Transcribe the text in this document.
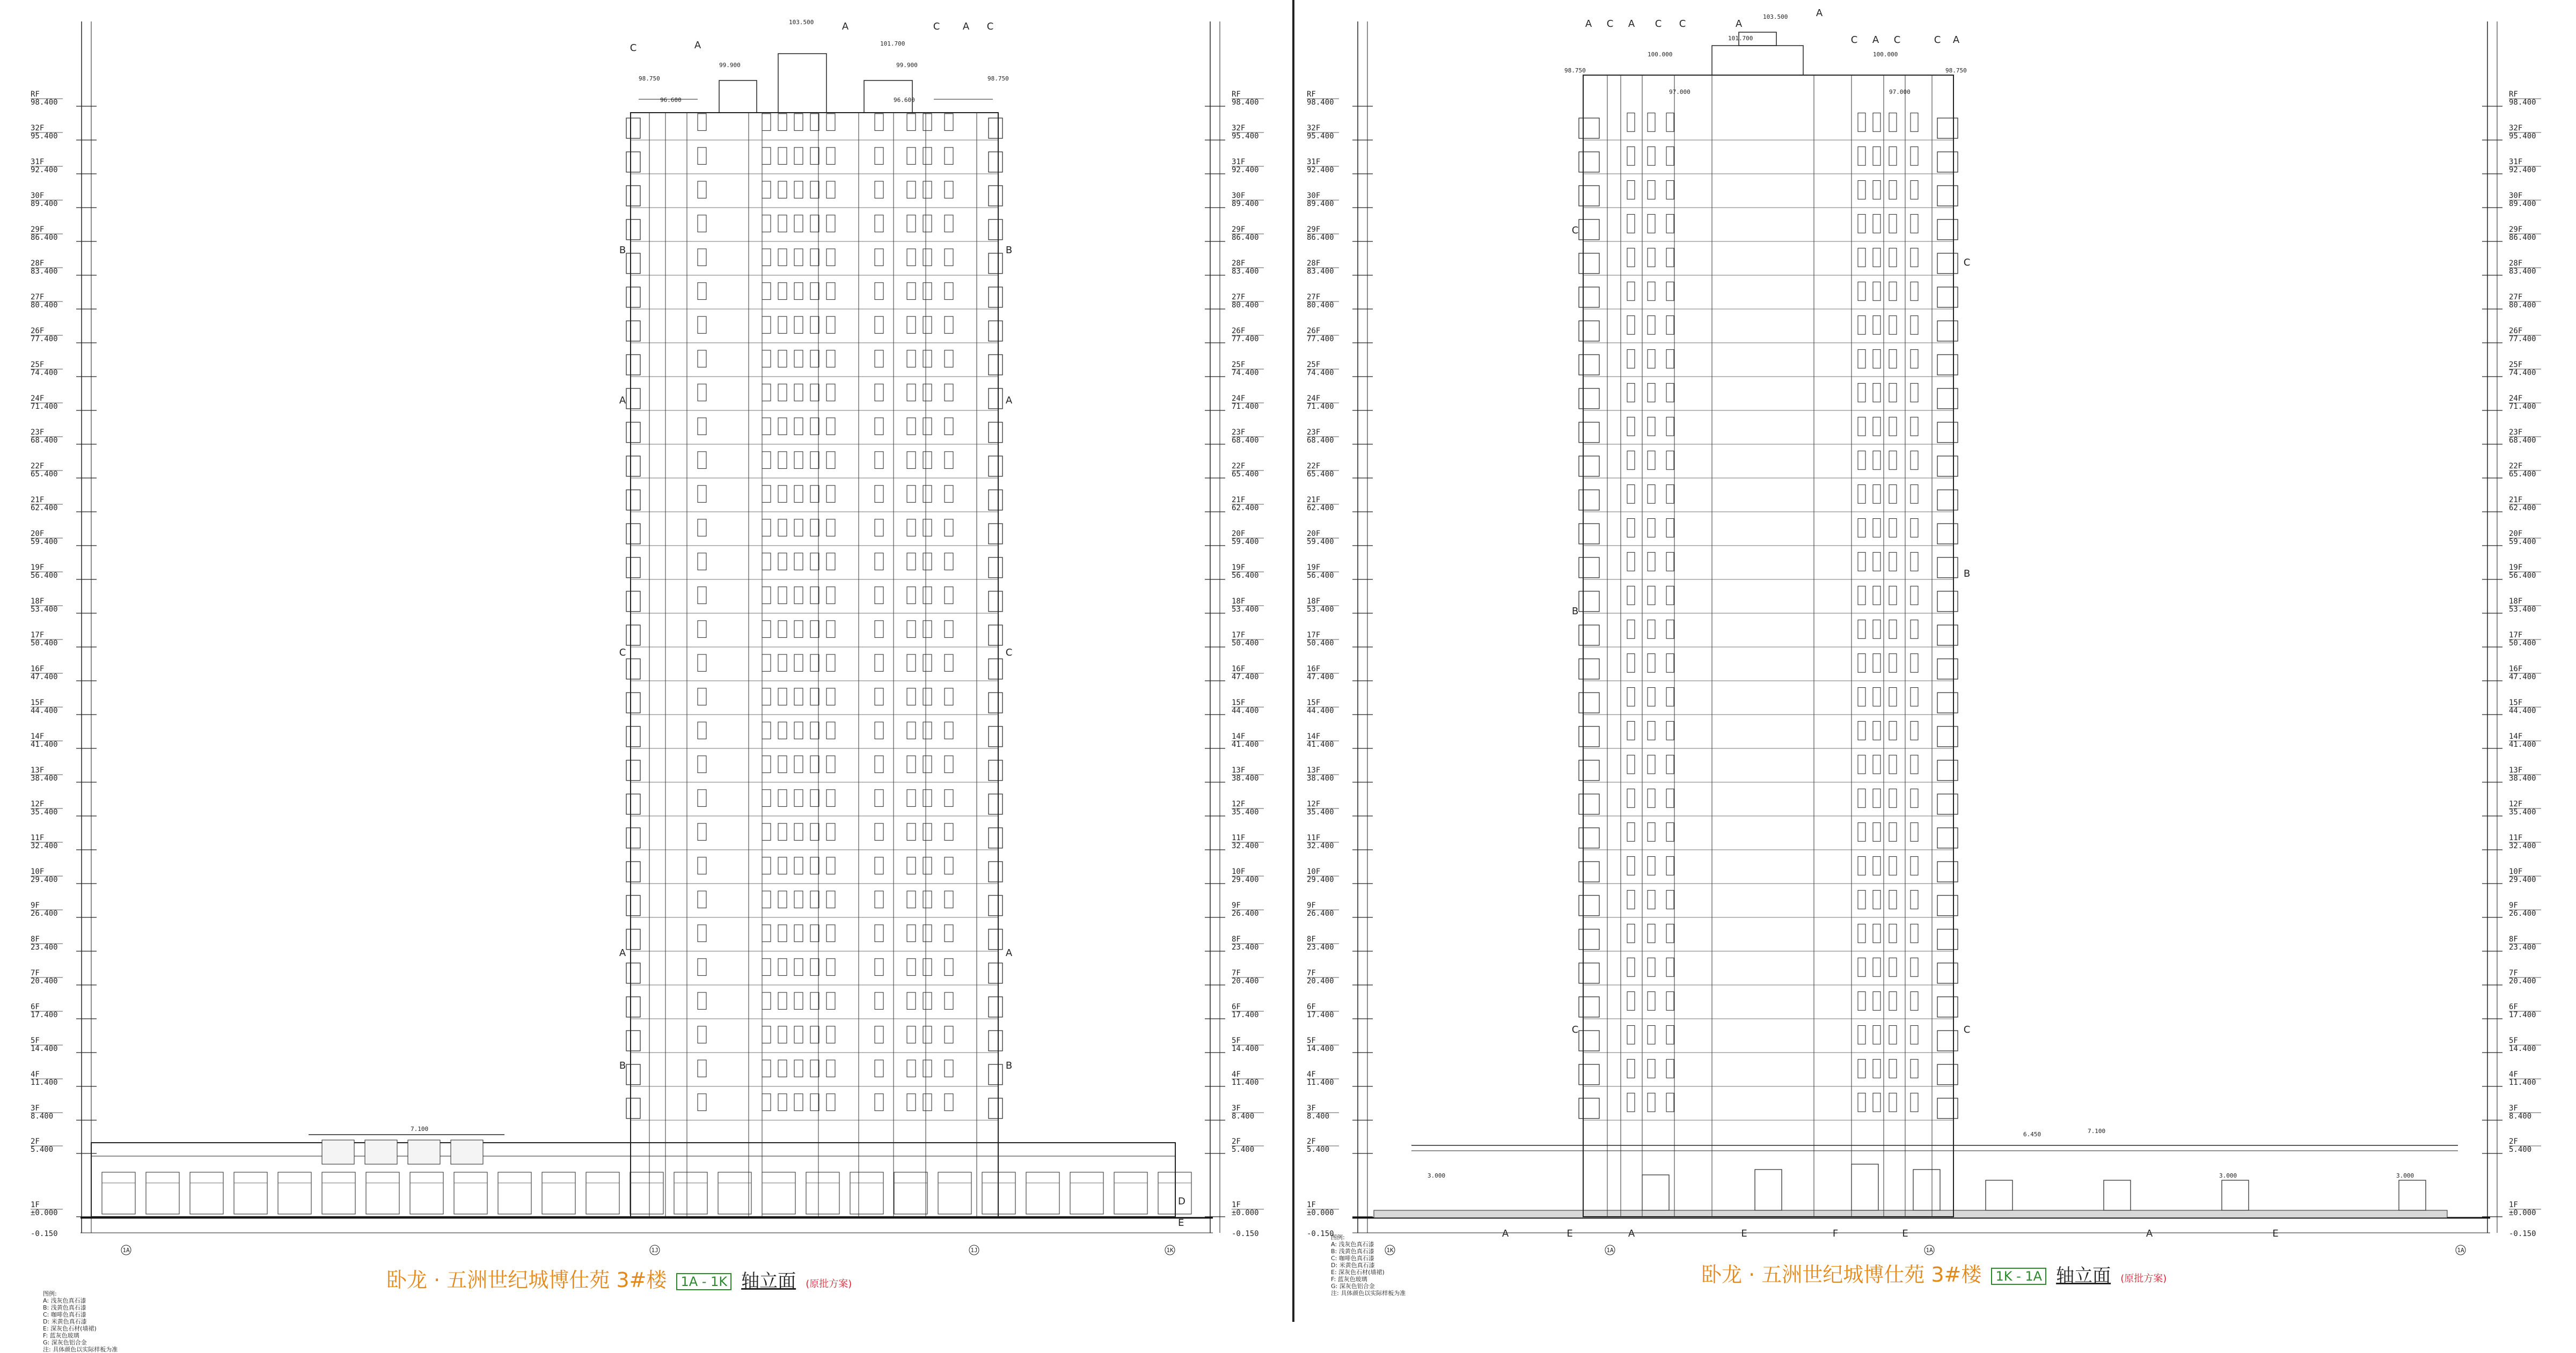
1F
±0.000
2F
5.400
3F
8.400
4F
11.400
5F
14.400
6F
17.400
7F
20.400
8F
23.400
9F
26.400
10F
29.400
11F
32.400
12F
35.400
13F
38.400
14F
41.400
15F
44.400
16F
47.400
17F
50.400
18F
53.400
19F
56.400
20F
59.400
21F
62.400
22F
65.400
23F
68.400
24F
71.400
25F
74.400
26F
77.400
27F
80.400
28F
83.400
29F
86.400
30F
89.400
31F
92.400
32F
95.400
RF
98.400
-0.150
1F
±0.000
2F
5.400
3F
8.400
4F
11.400
5F
14.400
6F
17.400
7F
20.400
8F
23.400
9F
26.400
10F
29.400
11F
32.400
12F
35.400
13F
38.400
14F
41.400
15F
44.400
16F
47.400
17F
50.400
18F
53.400
19F
56.400
20F
59.400
21F
62.400
22F
65.400
23F
68.400
24F
71.400
25F
74.400
26F
77.400
27F
80.400
28F
83.400
29F
86.400
30F
89.400
31F
92.400
32F
95.400
RF
98.400
-0.150
103.500
101.700
99.900	99.900
98.750	98.750
96.600	96.600
C	A
A	C A C
B
A
C
A
B
B
A
C
A
B
7.100
D
E
1A	1J	1J	1K
卧龙 · 五洲世纪城博仕苑 3#楼 1A - 1K 轴立面 (原批方案)
图例:
A: 浅灰色真石漆
B: 浅黄色真石漆
C: 咖啡色真石漆
D: 米黄色真石漆
E: 深灰色石材(墙裙)
F: 蓝灰色玻璃
G: 深灰色铝合金
注: 具体颜色以实际样板为准
1F
±0.000
2F
5.400
3F
8.400
4F
11.400
5F
14.400
6F
17.400
7F
20.400
8F
23.400
9F
26.400
10F
29.400
11F
32.400
12F
35.400
13F
38.400
14F
41.400
15F
44.400
16F
47.400
17F
50.400
18F
53.400
19F
56.400
20F
59.400
21F
62.400
22F
65.400
23F
68.400
24F
71.400
25F
74.400
26F
77.400
27F
80.400
28F
83.400
29F
86.400
30F
89.400
31F
92.400
32F
95.400
RF
98.400
-0.150
1F
±0.000
2F
5.400
3F
8.400
4F
11.400
5F
14.400
6F
17.400
7F
20.400
8F
23.400
9F
26.400
10F
29.400
11F
32.400
12F
35.400
13F
38.400
14F
41.400
15F
44.400
16F
47.400
17F
50.400
18F
53.400
19F
56.400
20F
59.400
21F
62.400
22F
65.400
23F
68.400
24F
71.400
25F
74.400
26F
77.400
27F
80.400
28F
83.400
29F
86.400
30F
89.400
31F
92.400
32F
95.400
RF
98.400
-0.150
103.500
101.700
100.000	100.000
98.750	98.750
97.000	97.000
A C A C C	A
A
C A C	C A
C
B
C
C
B
C
6.450	7.100
3.000	3.000	3.000
A	E	A	E	F	E	A	E
1K	1A	1A	1A
卧龙 · 五洲世纪城博仕苑 3#楼 1K - 1A 轴立面 (原批方案)
图例:
A: 浅灰色真石漆
B: 浅黄色真石漆
C: 咖啡色真石漆
D: 米黄色真石漆
E: 深灰色石材(墙裙)
F: 蓝灰色玻璃
G: 深灰色铝合金
注: 具体颜色以实际样板为准
